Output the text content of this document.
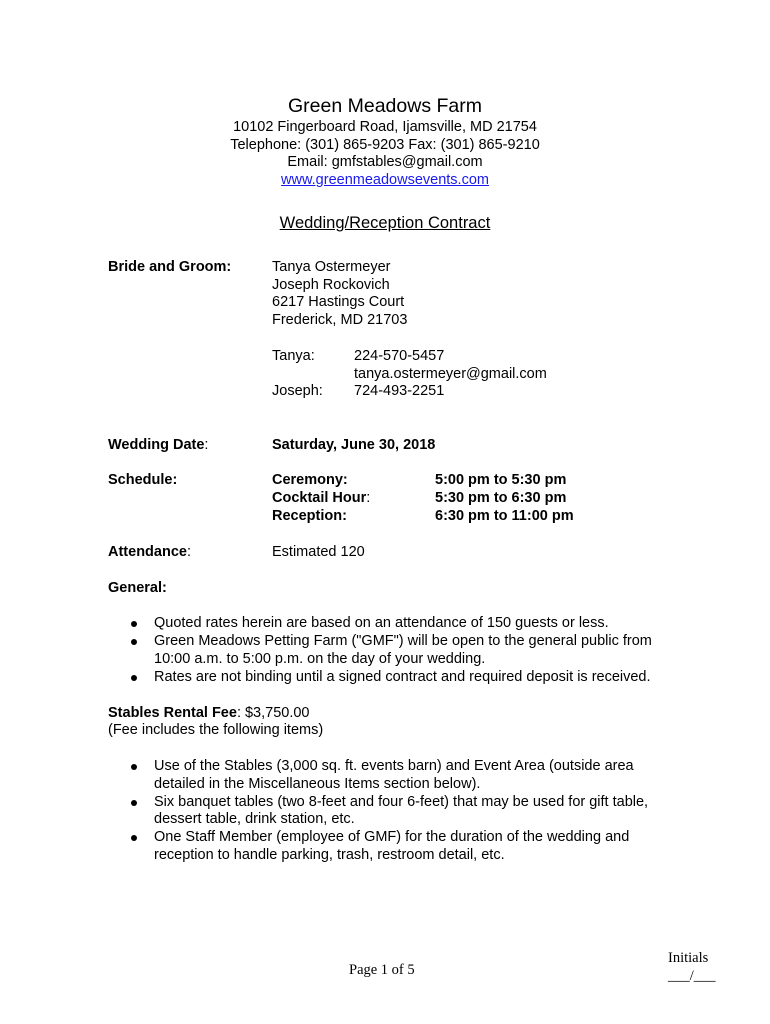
Green Meadows Farm
10102 Fingerboard Road, Ijamsville, MD 21754
Telephone: (301) 865-9203 Fax: (301) 865-9210
Email: gmfstables@gmail.com
www.greenmeadowsevents.com
Wedding/Reception Contract
Bride and Groom:	Tanya Ostermeyer
Joseph Rockovich
6217 Hastings Court
Frederick, MD 21703
Tanya:	224-570-5457
tanya.ostermeyer@gmail.com
Joseph: 724-493-2251
Wedding Date:	Saturday, June 30, 2018
Schedule:	Ceremony:	5:00 pm to 5:30 pm
Cocktail Hour:	5:30 pm to 6:30 pm
Reception:	6:30 pm to 11:00 pm
Attendance:	Estimated 120
General:
Quoted rates herein are based on an attendance of 150 guests or less.
Green Meadows Petting Farm ("GMF") will be open to the general public from
10:00 a.m. to 5:00 p.m. on the day of your wedding.
Rates are not binding until a signed contract and required deposit is received.
Stables Rental Fee: $3,750.00
(Fee includes the following items)
Use of the Stables (3,000 sq. ft. events barn) and Event Area (outside area
detailed in the Miscellaneous Items section below).
Six banquet tables (two 8-feet and four 6-feet) that may be used for gift table,
dessert table, drink station, etc.
One Staff Member (employee of GMF) for the duration of the wedding and
reception to handle parking, trash, restroom detail, etc.
Page 1 of 5
Initials
___/___
